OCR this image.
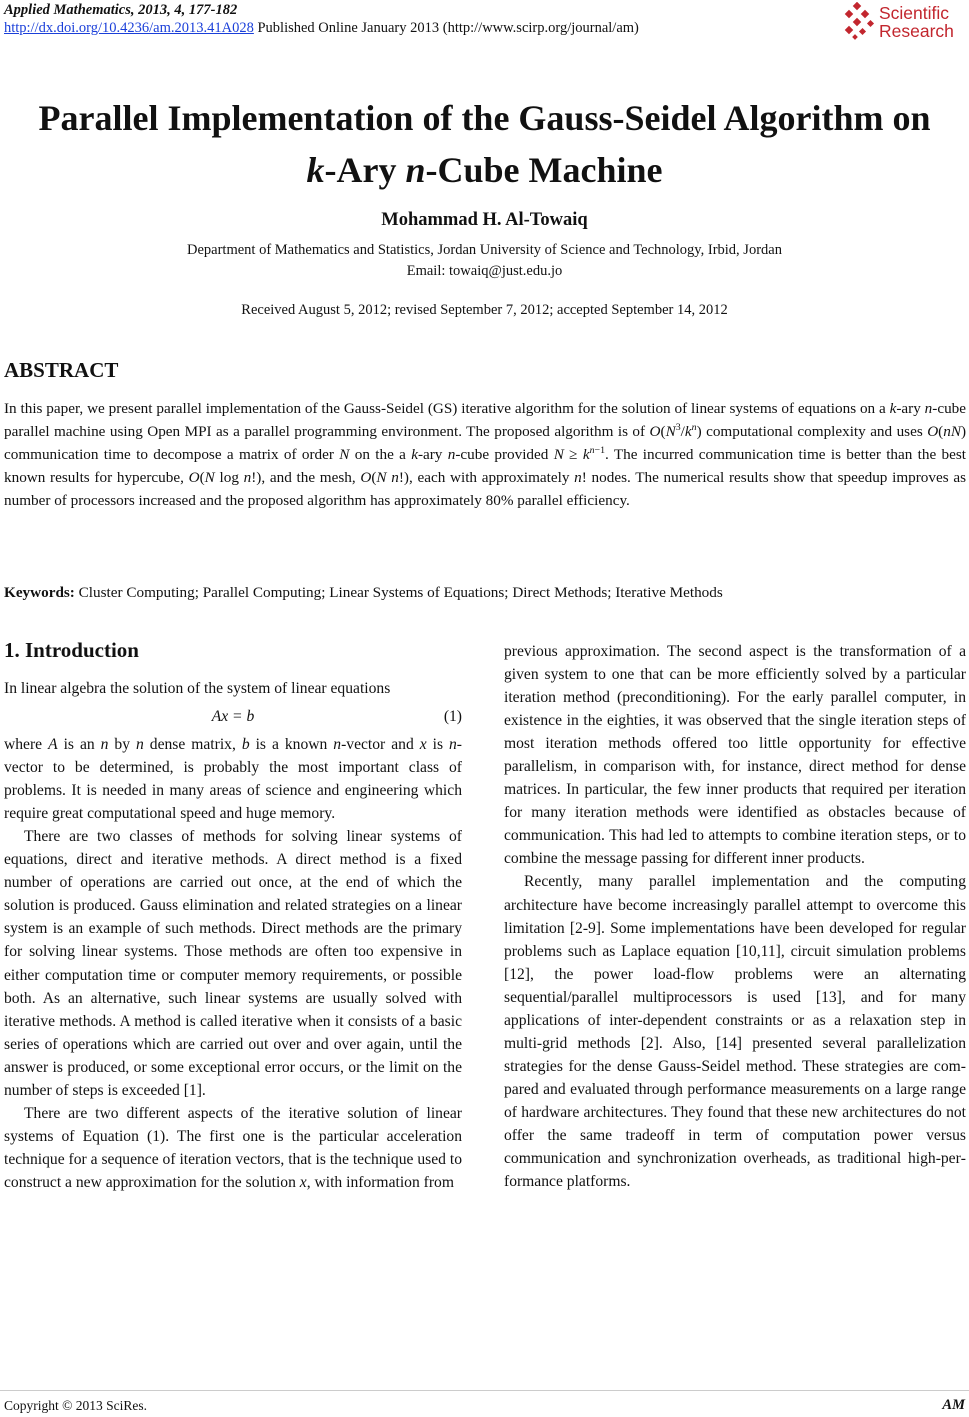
Applied Mathematics, 2013, 4, 177-182
http://dx.doi.org/10.4236/am.2013.41A028 Published Online January 2013 (http://www.scirp.org/journal/am)
Scientific
Research
Parallel Implementation of the Gauss-Seidel Algorithm on
k-Ary n-Cube Machine
Mohammad H. Al-Towaiq
Department of Mathematics and Statistics, Jordan University of Science and Technology, Irbid, Jordan
Email: towaiq@just.edu.jo
Received August 5, 2012; revised September 7, 2012; accepted September 14, 2012
ABSTRACT

In this paper, we present parallel implementation of the Gauss-Seidel (GS) iterative algorithm for the solution of linear systems of equations on a k-ary n-cube parallel machine using Open MPI as a parallel programming environment. The proposed algorithm is of $O(N^3/k^n)$ computational complexity and uses O(nN) communication time to decompose a matrix of order N on the a k-ary n-cube provided $N \ge k^{n-1}$. The incurred communication time is better than the best known results for hypercube, O(N log n!), and the mesh, O(N n!), each with approximately n! nodes. The numerical results show that speedup improves as number of processors increased and the proposed algorithm has approximately 80% parallel efficiency.

Keywords: Cluster Computing; Parallel Computing; Linear Systems of Equations; Direct Methods; Iterative Methods
1. Introduction

In linear algebra the solution of the system of linear equations

Ax = b	(1)

where A is an n by n dense matrix, b is a known n-vector and x is n-vector to be determined, is probably the most important class of problems. It is needed in many areas of science and engineering which require great computational speed and huge memory.

There are two classes of methods for solving linear systems of equations, direct and iterative methods. A direct method is a fixed number of operations are carried out once, at the end of which the solution is produced. Gauss elimination and related strategies on a linear system is an example of such methods. Direct methods are the primary for solving linear systems. Those methods are often too expensive in either computation time or computer memory requirements, or possible both. As an alternative, such linear systems are usually solved with iterative methods. A method is called iterative when it consists of a basic series of operations which are carried out over and over again, until the answer is produced, or some exceptional error occurs, or the limit on the number of steps is exceeded [1].

There are two different aspects of the iterative solution of linear systems of Equation (1). The first one is the particular acceleration technique for a sequence of iteration vectors, that is the technique used to construct a new approximation for the solution x, with information from

previous approximation. The second aspect is the transformation of a given system to one that can be more efficiently solved by a particular iteration method (preconditioning). For the early parallel computer, in existence in the eighties, it was observed that the single iteration steps of most iteration methods offered too little opportunity for effective parallelism, in comparison with, for instance, direct method for dense matrices. In particular, the few inner products that required per iteration for many iteration methods were identified as obstacles because of communication. This had led to attempts to combine iteration steps, or to combine the message passing for different inner products.

Recently, many parallel implementation and the computing architecture have become increasingly parallel attempt to overcome this limitation [2-9]. Some implementations have been developed for regular problems such as Laplace equation [10,11], circuit simulation problems [12], the power load-flow problems were an alternating sequential/parallel multiprocessors is used [13], and for many applications of inter-dependent constraints or as a relaxation step in multi-grid methods [2]. Also, [14] presented several parallelization strategies for the dense Gauss-Seidel method. These strategies are compared and evaluated through performance measurements on a large range of hardware architectures. They found that these new architectures do not offer the same tradeoff in term of computation power versus communication and synchronization overheads, as traditional high-performance platforms.

Copyright © 2013 SciRes.	AM
